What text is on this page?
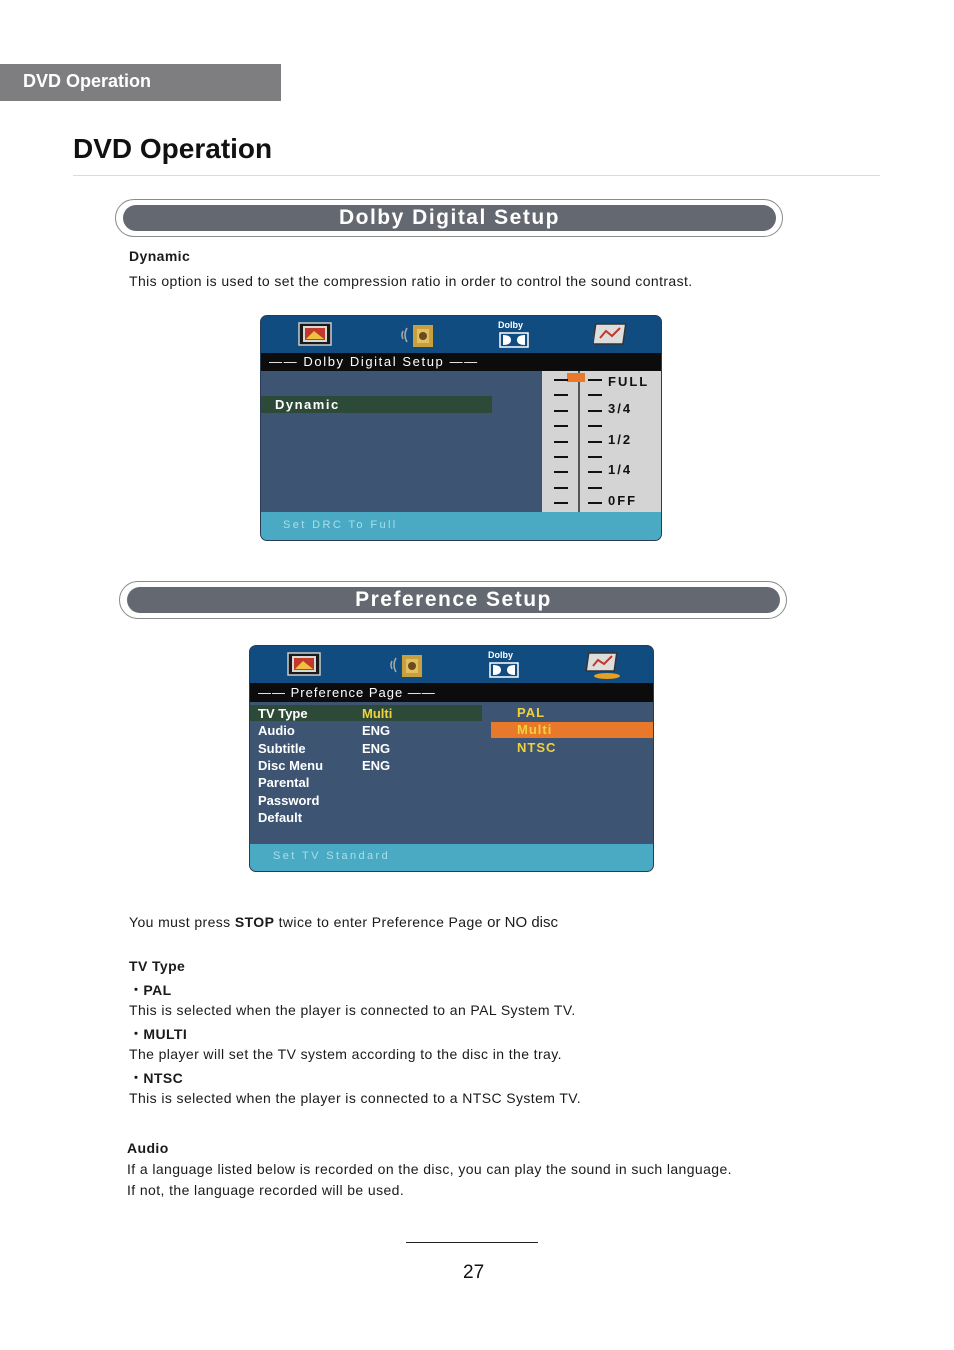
DVD Operation
DVD Operation
Dolby Digital Setup
Dynamic
This option is used to set the compression ratio in order to control the sound contrast.
Dolby
—— Dolby Digital Setup ——
Dynamic
FULL
3/4
1/2
1/4
0FF
Set DRC To Full
Preference Setup
Dolby
—— Preference Page ——
TV Type	Multi
Audio	ENG
Subtitle	ENG
Disc Menu	ENG
Parental
Password
Default
PAL
Multi
NTSC
Set TV Standard
You must press STOP twice to enter Preference Page or NO disc
TV Type
・PAL
This is selected when the player is connected to an PAL System TV.
・MULTI
The player will set the TV system according to the disc in the tray.
・NTSC
This is selected when the player is connected to a NTSC System TV.
Audio
If a language listed below is recorded on the disc, you can play the sound in such language.
If not, the language recorded will be used.
27
